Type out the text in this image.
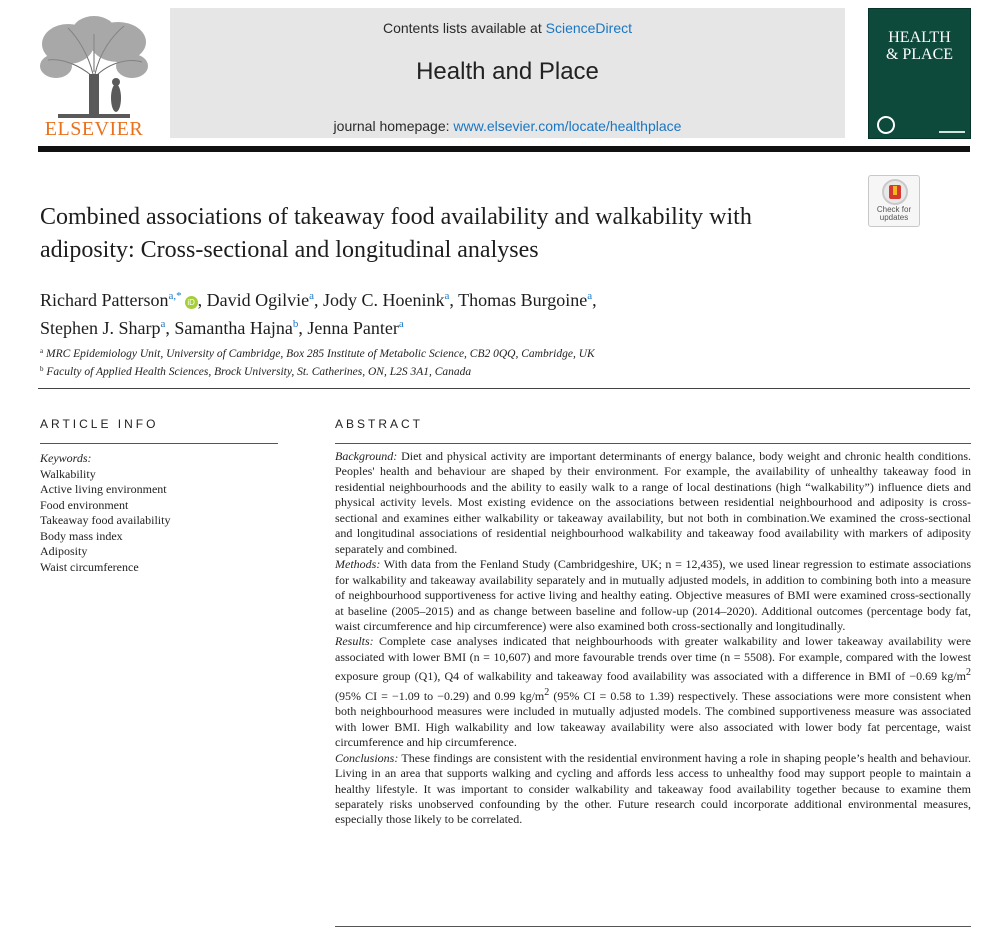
ELSEVIER
Contents lists available at ScienceDirect
Health and Place
journal homepage: www.elsevier.com/locate/healthplace
HEALTH
& PLACE
Check for
updates
Combined associations of takeaway food availability and walkability with
adiposity: Cross-sectional and longitudinal analyses
Richard Patterson$^{a,*}$iD , David Ogilvie$^a$, Jody C. Hoenink$^a$, Thomas Burgoine$^a$,
Stephen J. Sharp$^a$, Samantha Hajna$^b$, Jenna Panter$^a$
$^a$ MRC Epidemiology Unit, University of Cambridge, Box 285 Institute of Metabolic Science, CB2 0QQ, Cambridge, UK
$^b$ Faculty of Applied Health Sciences, Brock University, St. Catherines, ON, L2S 3A1, Canada
ARTICLE INFO
Keywords:
Walkability
Active living environment
Food environment
Takeaway food availability
Body mass index
Adiposity
Waist circumference
ABSTRACT

Background: Diet and physical activity are important determinants of energy balance, body weight and chronic health conditions. Peoples' health and behaviour are shaped by their environment. For example, the availability of unhealthy takeaway food in residential neighbourhoods and the ability to easily walk to a range of local destinations (high “walkability”) influence diets and physical activity levels. Most existing evidence on the associations between residential neighbourhood and adiposity is cross-sectional and examines either walkability or takeaway availability, but not both in combination.We examined the cross-sectional and longitudinal associations of residential neighbourhood walkability and takeaway food availability with markers of adiposity separately and combined.

Methods: With data from the Fenland Study (Cambridgeshire, UK; n = 12,435), we used linear regression to estimate associations for walkability and takeaway availability separately and in mutually adjusted models, in addition to combining both into a measure of neighbourhood supportiveness for active living and healthy eating. Objective measures of BMI were examined cross-sectionally at baseline (2005–2015) and as change between baseline and follow-up (2014–2020). Additional outcomes (percentage body fat, waist circumference and hip circumference) were also examined both cross-sectionally and longitudinally.

Results: Complete case analyses indicated that neighbourhoods with greater walkability and lower takeaway availability were associated with lower BMI (n = 10,607) and more favourable trends over time (n = 5508). For example, compared with the lowest exposure group (Q1), Q4 of walkability and takeaway food availability was associated with a difference in BMI of −0.69 $kg/m^2$ (95% CI = −1.09 to −0.29) and 0.99 $kg/m^2$ (95% CI = 0.58 to 1.39) respectively. These associations were more consistent when both neighbourhood measures were included in mutually adjusted models. The combined supportiveness measure was associated with lower BMI. High walkability and low takeaway availability were also associated with lower body fat percentage, waist circumference and hip circumference.

Conclusions: These findings are consistent with the residential environment having a role in shaping people’s health and behaviour. Living in an area that supports walking and cycling and affords less access to unhealthy food may support people to maintain a healthy lifestyle. It was important to consider walkability and takeaway food availability together because to examine them separately risks unobserved confounding by the other. Future research could incorporate additional environmental measures, especially those likely to be correlated.
